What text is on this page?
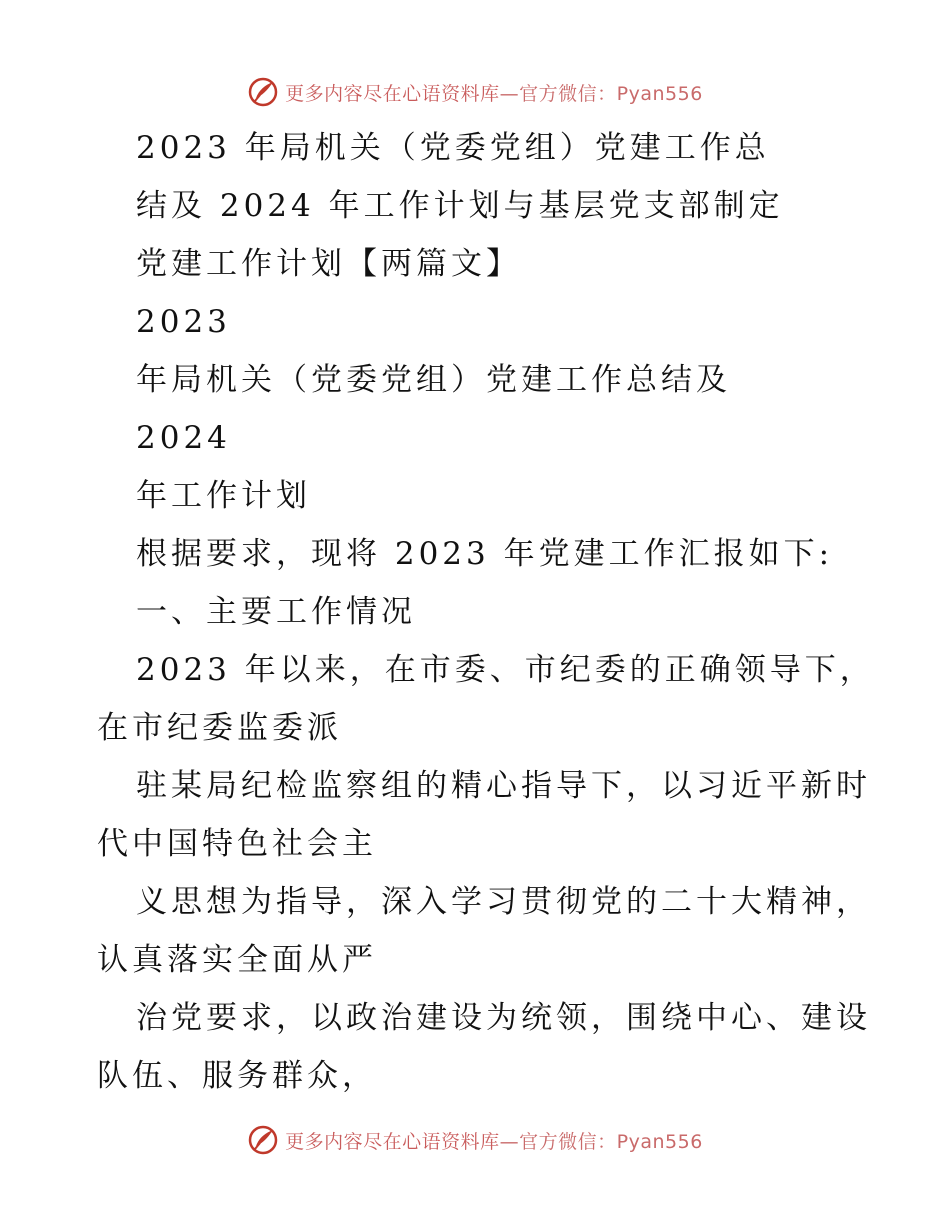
更多内容尽在心语资料库—官方微信：Pyan556
2023 年局机关（党委党组）党建工作总
结及 2024 年工作计划与基层党支部制定
党建工作计划【两篇文】
2023
年局机关（党委党组）党建工作总结及
2024
年工作计划
根据要求，现将 2023 年党建工作汇报如下:
一、主要工作情况
2023 年以来，在市委、市纪委的正确领导下，
在市纪委监委派
驻某局纪检监察组的精心指导下，以习近平新时
代中国特色社会主
义思想为指导，深入学习贯彻党的二十大精神，
认真落实全面从严
治党要求，以政治建设为统领，围绕中心、建设
队伍、服务群众，
更多内容尽在心语资料库—官方微信：Pyan556
